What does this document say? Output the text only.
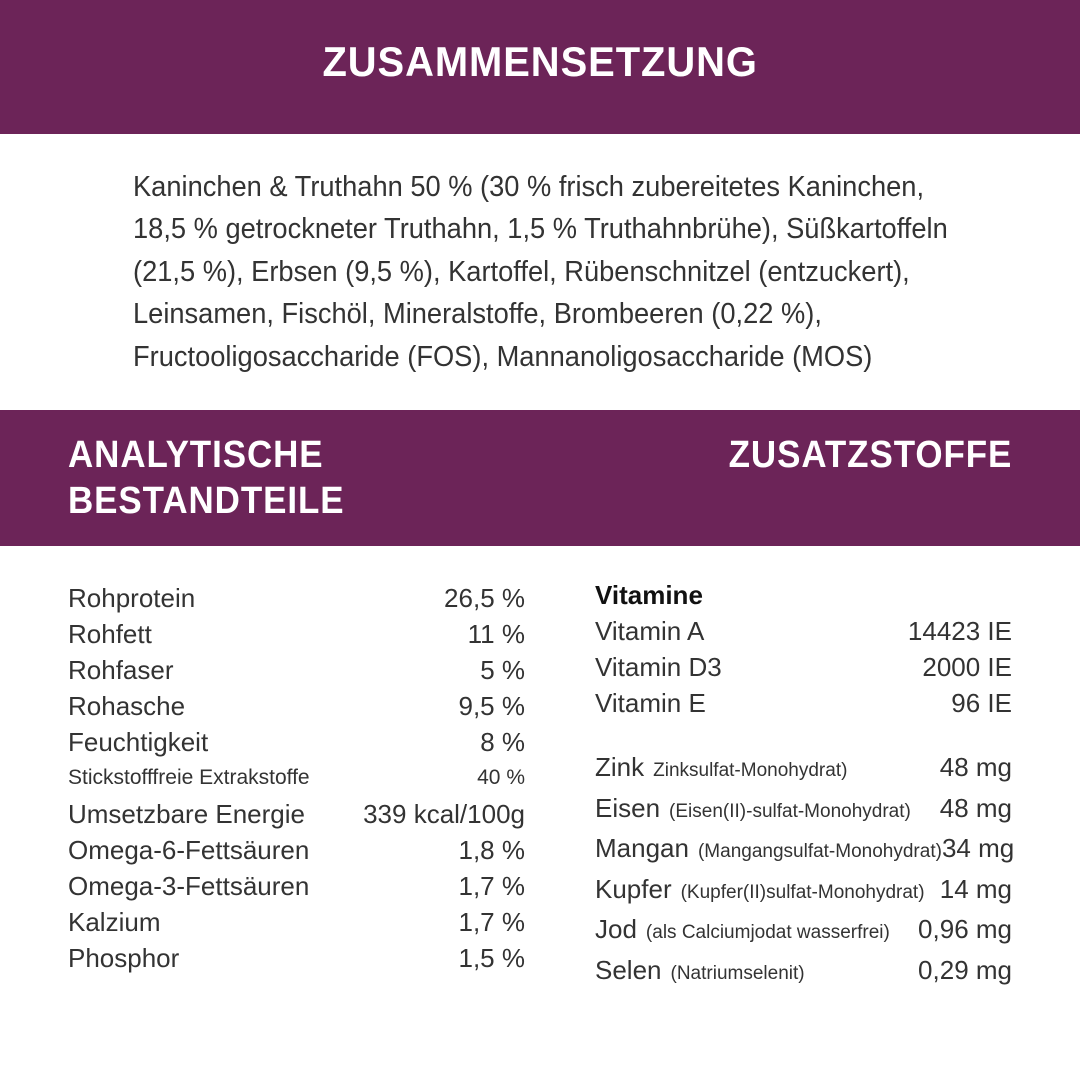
ZUSAMMENSETZUNG
Kaninchen & Truthahn 50 % (30 % frisch zubereitetes Kaninchen,
18,5 % getrockneter Truthahn, 1,5 % Truthahnbrühe), Süßkartoffeln
(21,5 %), Erbsen (9,5 %), Kartoffel, Rübenschnitzel (entzuckert),
Leinsamen, Fischöl, Mineralstoffe, Brombeeren (0,22 %),
Fructooligosaccharide (FOS), Mannanoligosaccharide (MOS)
ANALYTISCHE
BESTANDTEILE
ZUSATZSTOFFE
Rohprotein	26,5 %
Rohfett	11 %
Rohfaser	5 %
Rohasche	9,5 %
Feuchtigkeit	8 %
Stickstofffreie Extrakstoffe	40 %
Umsetzbare Energie 339 kcal/100g
Omega-6-Fettsäuren	1,8 %
Omega-3-Fettsäuren	1,7 %
Kalzium	1,7 %
Phosphor	1,5 %
Vitamine
Vitamin A	14423 IE
Vitamin D3	2000 IE
Vitamin E	96 IE
Zink Zinksulfat-Monohydrat)	48 mg
Eisen (Eisen(II)-sulfat-Monohydrat) 48 mg
Mangan (Mangangsulfat-Monohydrat) 34 mg
Kupfer (Kupfer(II)sulfat-Monohydrat) 14 mg
Jod (als Calciumjodat wasserfrei) 0,96 mg
Selen (Natriumselenit)	0,29 mg
